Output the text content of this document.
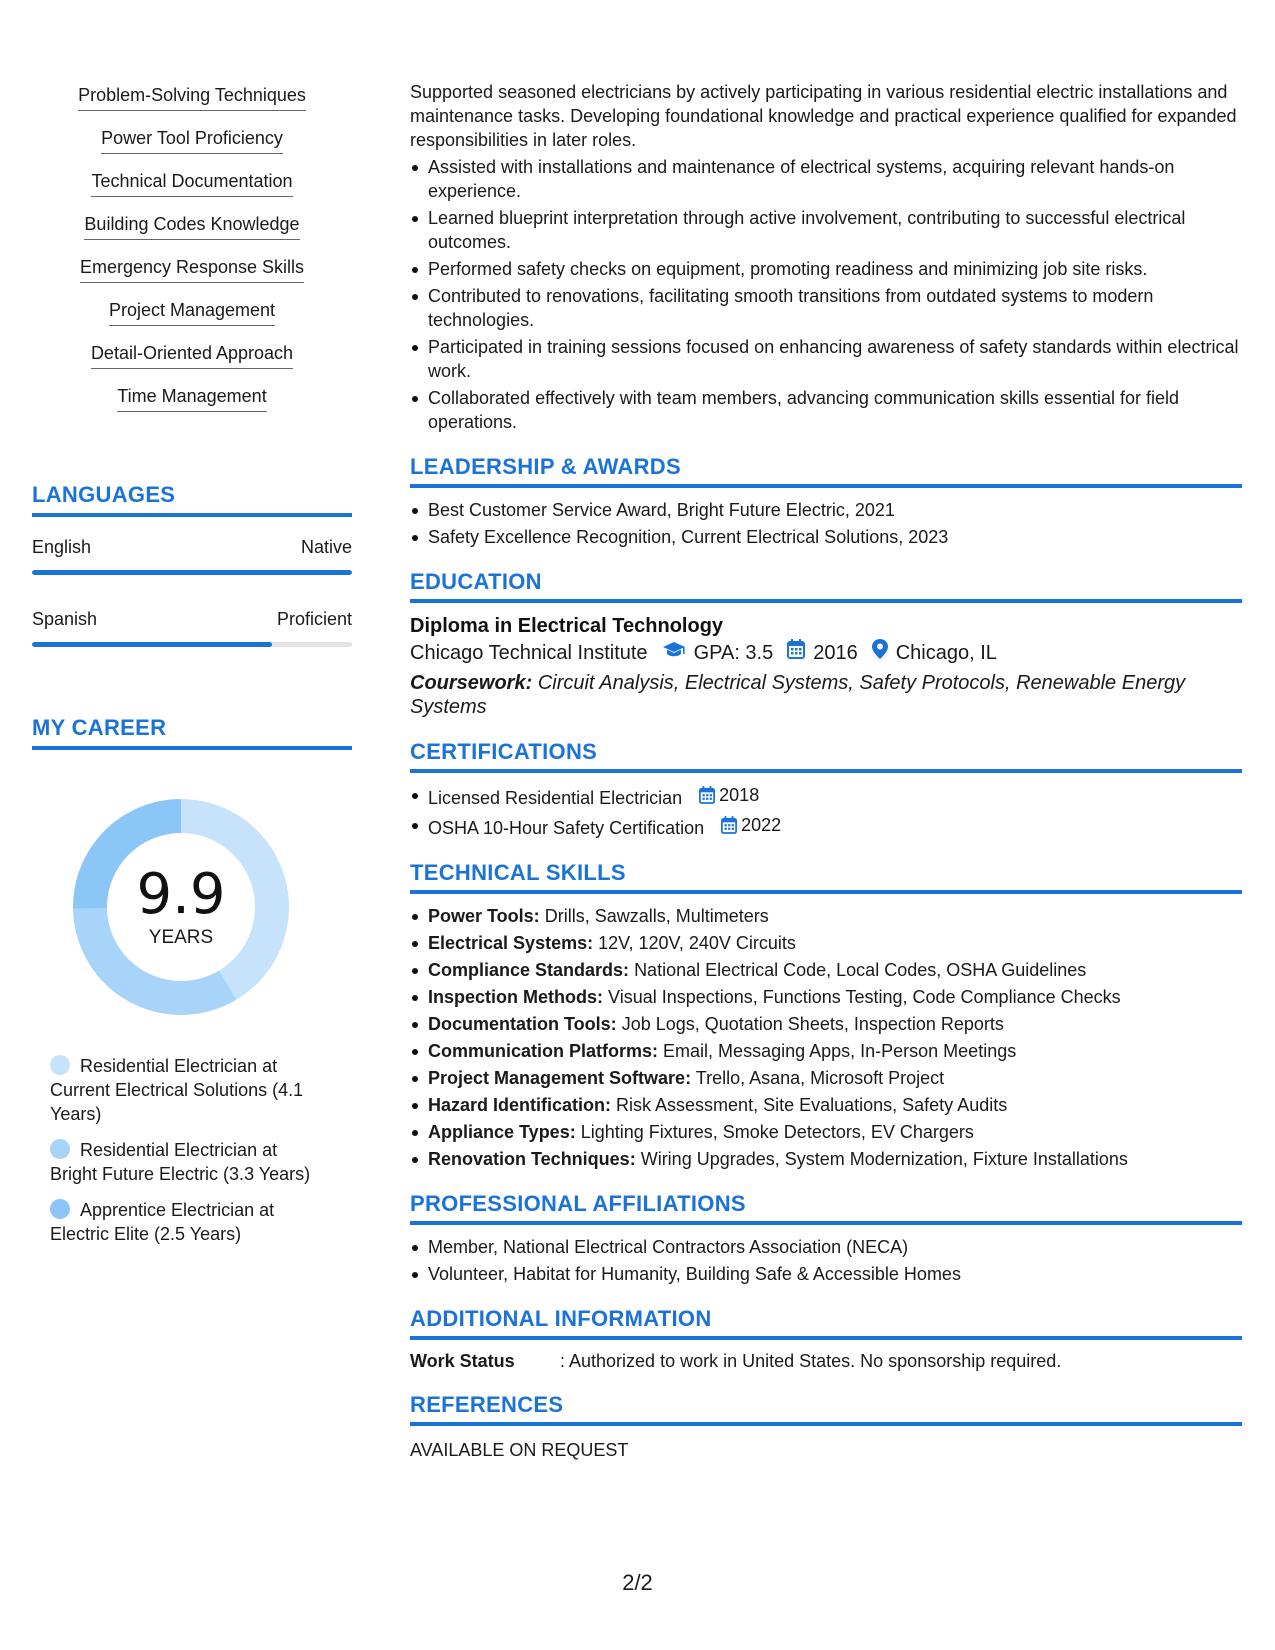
Problem-Solving Techniques
Power Tool Proficiency
Technical Documentation
Building Codes Knowledge
Emergency Response Skills
Project Management
Detail-Oriented Approach
Time Management
LANGUAGES
English	Native
Spanish	Proficient
MY CAREER
9.9
YEARS
Residential Electrician at Current Electrical Solutions (4.1 Years)
Residential Electrician at Bright Future Electric (3.3 Years)
Apprentice Electrician at Electric Elite (2.5 Years)

Supported seasoned electricians by actively participating in various residential electric installations and maintenance tasks. Developing foundational knowledge and practical experience qualified for expanded responsibilities in later roles.

Assisted with installations and maintenance of electrical systems, acquiring relevant hands-on experience.
Learned blueprint interpretation through active involvement, contributing to successful electrical outcomes.
Performed safety checks on equipment, promoting readiness and minimizing job site risks.
Contributed to renovations, facilitating smooth transitions from outdated systems to modern technologies.
Participated in training sessions focused on enhancing awareness of safety standards within electrical work.
Collaborated effectively with team members, advancing communication skills essential for field operations.
LEADERSHIP & AWARDS
Best Customer Service Award, Bright Future Electric, 2021
Safety Excellence Recognition, Current Electrical Solutions, 2023
EDUCATION
Diploma in Electrical Technology
Chicago Technical Institute GPA: 3.5 2016 Chicago, IL
Coursework: Circuit Analysis, Electrical Systems, Safety Protocols, Renewable Energy Systems
CERTIFICATIONS
Licensed Residential Electrician 2018
OSHA 10-Hour Safety Certification 2022
TECHNICAL SKILLS
Power Tools: Drills, Sawzalls, Multimeters
Electrical Systems: 12V, 120V, 240V Circuits
Compliance Standards: National Electrical Code, Local Codes, OSHA Guidelines
Inspection Methods: Visual Inspections, Functions Testing, Code Compliance Checks
Documentation Tools: Job Logs, Quotation Sheets, Inspection Reports
Communication Platforms: Email, Messaging Apps, In-Person Meetings
Project Management Software: Trello, Asana, Microsoft Project
Hazard Identification: Risk Assessment, Site Evaluations, Safety Audits
Appliance Types: Lighting Fixtures, Smoke Detectors, EV Chargers
Renovation Techniques: Wiring Upgrades, System Modernization, Fixture Installations
PROFESSIONAL AFFILIATIONS
Member, National Electrical Contractors Association (NECA)
Volunteer, Habitat for Humanity, Building Safe & Accessible Homes
ADDITIONAL INFORMATION
Work Status	: Authorized to work in United States. No sponsorship required.
REFERENCES
AVAILABLE ON REQUEST
2/2
